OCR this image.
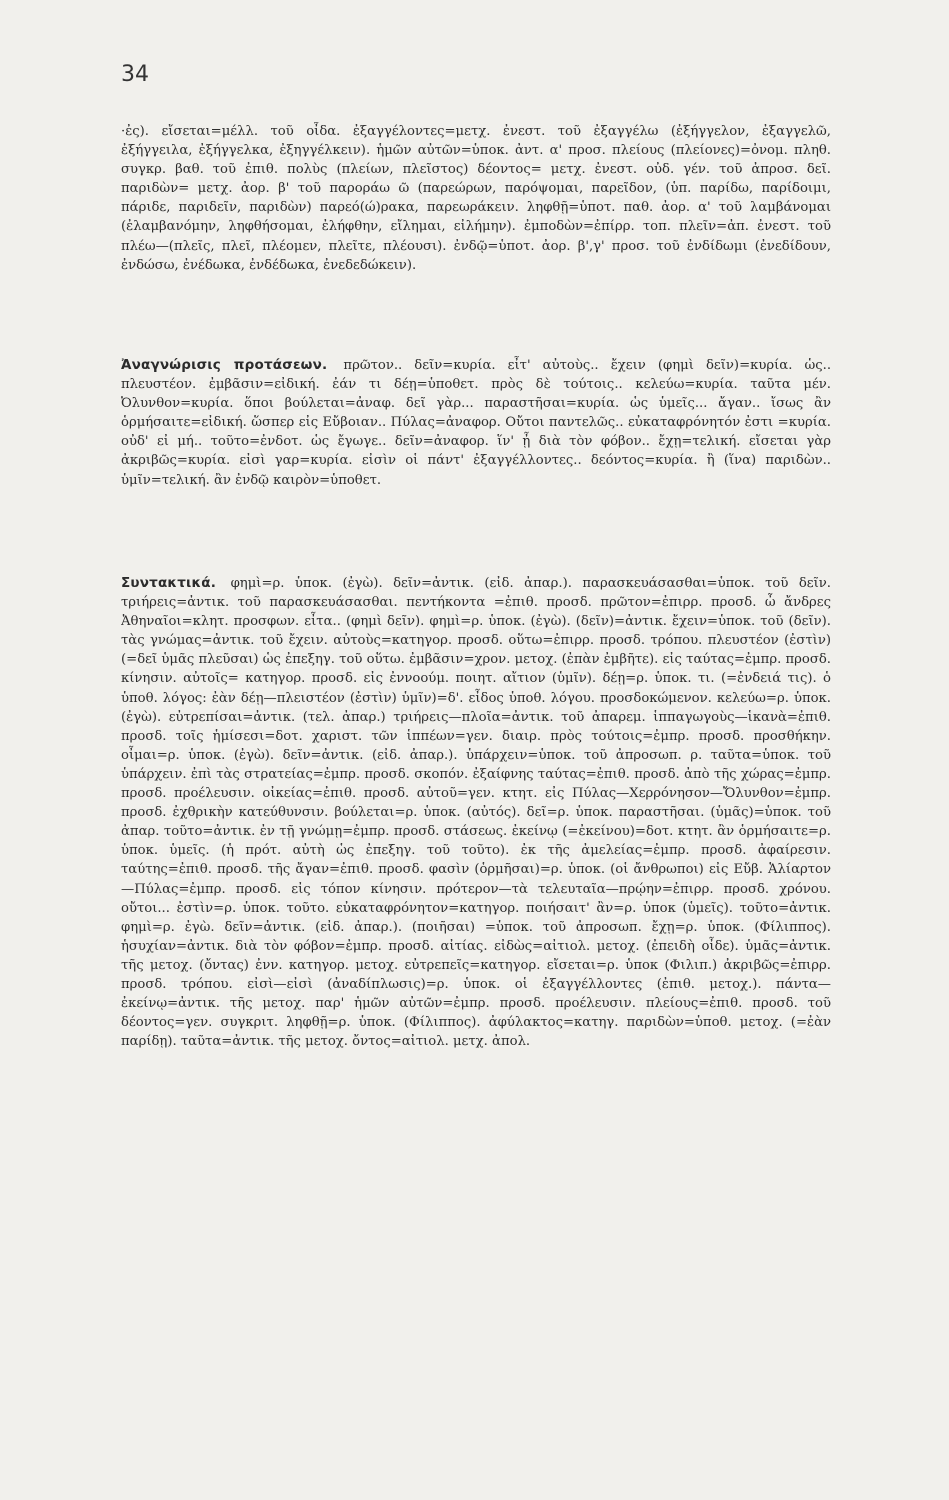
34

·ἐς). εἴσεται=μέλλ. τοῦ οἶδα. ἐξαγγέλοντες=μετχ. ἐνεστ. τοῦ ἐξαγγέλω (ἐξήγγελον, ἐξαγγελῶ, ἐξήγγειλα, ἐξήγγελκα, ἐξηγγέλκειν). ἡμῶν αὐτῶν=ὑποκ. ἀντ. α' προσ. πλείους (πλείονες)=ὀνομ. πληθ. συγκρ. βαθ. τοῦ ἐπιθ. πολὺς (πλείων, πλεῖστος) δέοντος= μετχ. ἐνεστ. οὐδ. γέν. τοῦ ἀπροσ. δεῖ. παριδὼν= μετχ. ἀορ. β' τοῦ παροράω ῶ (παρεώρων, παρόψομαι, παρεῖδον, (ὑπ. παρίδω, παρίδοιμι, πάριδε, παριδεῖν, παριδὼν) παρεό(ώ)ρακα, παρεωράκειν. ληφθῇ=ὑποτ. παθ. ἀορ. α' τοῦ λαμβάνομαι (ἐλαμβανόμην, ληφθήσομαι, ἐλήφθην, εἴλημαι, εἰλήμην). ἐμποδὼν=ἐπίρρ. τοπ. πλεῖν=ἀπ. ἐνεστ. τοῦ πλέω—(πλεῖς, πλεῖ, πλέομεν, πλεῖτε, πλέουσι). ἐνδῷ=ὑποτ. ἀορ. β',γ' προσ. τοῦ ἐνδίδωμι (ἐνεδίδουν, ἐνδώσω, ἐνέδωκα, ἐνδέδωκα, ἐνεδεδώκειν).

Ἀναγνώρισις προτάσεων. πρῶτον.. δεῖν=κυρία. εἶτ' αὐτοὺς.. ἔχειν (φημὶ δεῖν)=κυρία. ὡς.. πλευστέον. ἐμβᾶσιν=εἰδική. ἐάν τι δέῃ=ὑποθετ. πρὸς δὲ τούτοις.. κελεύω=κυρία. ταῦτα μέν. Ὀλυνθον=κυρία. ὅποι βούλεται=ἀναφ. δεῖ γὰρ... παραστῆσαι=κυρία. ὡς ὑμεῖς... ἄγαν.. ἴσως ἂν ὁρμήσαιτε=εἰδική. ὥσπερ εἰς Εὔβοιαν.. Πύλας=ἀναφορ. Οὔτοι παντελῶς.. εὐκαταφρόνητόν ἐστι =κυρία. οὐδ' εἰ μή.. τοῦτο=ἐνδοτ. ὡς ἔγωγε.. δεῖν=ἀναφορ. ἵν' ᾖ διὰ τὸν φόβον.. ἔχῃ=τελική. εἴσεται γὰρ ἀκριβῶς=κυρία. εἰσὶ γαρ=κυρία. εἰσὶν οἱ πάντ' ἐξαγγέλλοντες.. δεόντος=κυρία. ἢ (ἵνα) παριδὼν.. ὑμῖν=τελική. ἂν ἐνδῷ καιρὸν=ὑποθετ.

Συντακτικά. φημὶ=ρ. ὑποκ. (ἐγὼ). δεῖν=ἀντικ. (εἰδ. ἀπαρ.). παρασκευάσασθαι=ὑποκ. τοῦ δεῖν. τριήρεις=ἀντικ. τοῦ παρασκευάσασθαι. πεντήκοντα =ἐπιθ. προσδ. πρῶτον=ἐπιρρ. προσδ. ὦ ἄνδρες Ἀθηναῖοι=κλητ. προσφων. εἶτα.. (φημὶ δεῖν). φημὶ=ρ. ὑποκ. (ἐγὼ). (δεῖν)=ἀντικ. ἔχειν=ὑποκ. τοῦ (δεῖν). τὰς γνώμας=ἀντικ. τοῦ ἔχειν. αὐτοὺς=κατηγορ. προσδ. οὕτω=ἐπιρρ. προσδ. τρόπου. πλευστέον (ἐστὶν) (=δεῖ ὑμᾶς πλεῦσαι) ὡς ἐπεξηγ. τοῦ οὕτω. ἐμβᾶσιν=χρον. μετοχ. (ἐπὰν ἐμβῆτε). εἰς ταύτας=ἐμπρ. προσδ. κίνησιν. αὐτοῖς= κατηγορ. προσδ. εἰς ἐννοούμ. ποιητ. αἴτιον (ὑμῖν). δέῃ=ρ. ὑποκ. τι. (=ἐνδειά τις). ὁ ὑποθ. λόγος: ἐὰν δέῃ—πλειστέον (ἐστὶν) ὑμῖν)=δ'. εἶδος ὑποθ. λόγου. προσδοκώμενον. κελεύω=ρ. ὑποκ. (ἐγὼ). εὐτρεπίσαι=ἀντικ. (τελ. ἀπαρ.) τριήρεις—πλοῖα=ἀντικ. τοῦ ἀπαρεμ. ἱππαγωγοὺς—ἱκανὰ=ἐπιθ. προσδ. τοῖς ἡμίσεσι=δοτ. χαριστ. τῶν ἱππέων=γεν. διαιρ. πρὸς τούτοις=ἐμπρ. προσδ. προσθήκην. οἶμαι=ρ. ὑποκ. (ἐγὼ). δεῖν=ἀντικ. (εἰδ. ἀπαρ.). ὑπάρχειν=ὑποκ. τοῦ ἀπροσωπ. ρ. ταῦτα=ὑποκ. τοῦ ὑπάρχειν. ἐπὶ τὰς στρατείας=ἐμπρ. προσδ. σκοπόν. ἐξαίφνης ταύτας=ἐπιθ. προσδ. ἀπὸ τῆς χώρας=ἐμπρ. προσδ. προέλευσιν. οἰκείας=ἐπιθ. προσδ. αὐτοῦ=γεν. κτητ. εἰς Πύλας—Χερρόνησον—Ὄλυνθον=ἐμπρ. προσδ. ἐχθρικὴν κατεύθυνσιν. βούλεται=ρ. ὑποκ. (αὐτός). δεῖ=ρ. ὑποκ. παραστῆσαι. (ὑμᾶς)=ὑποκ. τοῦ ἀπαρ. τοῦτο=ἀντικ. ἐν τῇ γνώμῃ=ἐμπρ. προσδ. στάσεως. ἐκείνῳ (=ἐκείνου)=δοτ. κτητ. ἂν ὁρμήσαιτε=ρ. ὑποκ. ὑμεῖς. (ἡ πρότ. αὐτὴ ὡς ἐπεξηγ. τοῦ τοῦτο). ἐκ τῆς ἀμελείας=ἐμπρ. προσδ. ἀφαίρεσιν. ταύτης=ἐπιθ. προσδ. τῆς ἄγαν=ἐπιθ. προσδ. φασὶν (ὁρμῆσαι)=ρ. ὑποκ. (οἱ ἄνθρωποι) εἰς Εὔβ. Ἁλίαρτον—Πύλας=ἐμπρ. προσδ. εἰς τόπον κίνησιν. πρότερον—τὰ τελευταῖα—πρῴην=ἐπιρρ. προσδ. χρόνου. οὔτοι... ἐστὶν=ρ. ὑποκ. τοῦτο. εὐκαταφρόνητον=κατηγορ. ποιήσαιτ' ἂν=ρ. ὑποκ (ὑμεῖς). τοῦτο=ἀντικ. φημὶ=ρ. ἐγὼ. δεῖν=ἀντικ. (εἰδ. ἀπαρ.). (ποιῆσαι) =ὑποκ. τοῦ ἀπροσωπ. ἔχῃ=ρ. ὑποκ. (Φίλιππος). ἡσυχίαν=ἀντικ. διὰ τὸν φόβον=ἐμπρ. προσδ. αἰτίας. εἰδὼς=αἰτιολ. μετοχ. (ἐπειδὴ οἶδε). ὑμᾶς=ἀντικ. τῆς μετοχ. (ὄντας) ἐνν. κατηγορ. μετοχ. εὐτρεπεῖς=κατηγορ. εἴσεται=ρ. ὑποκ (Φιλιπ.) ἀκριβῶς=ἐπιρρ. προσδ. τρόπου. εἰσὶ—εἰσὶ (ἀναδίπλωσις)=ρ. ὑποκ. οἱ ἐξαγγέλλοντες (ἐπιθ. μετοχ.). πάντα—ἐκείνῳ=ἀντικ. τῆς μετοχ. παρ' ἡμῶν αὐτῶν=ἐμπρ. προσδ. προέλευσιν. πλείους=ἐπιθ. προσδ. τοῦ δέοντος=γεν. συγκριτ. ληφθῇ=ρ. ὑποκ. (Φίλιππος). ἀφύλακτος=κατηγ. παριδὼν=ὑποθ. μετοχ. (=ἐὰν παρίδῃ). ταῦτα=ἀντικ. τῆς μετοχ. ὄντος=αἰτιολ. μετχ. ἀπολ.
